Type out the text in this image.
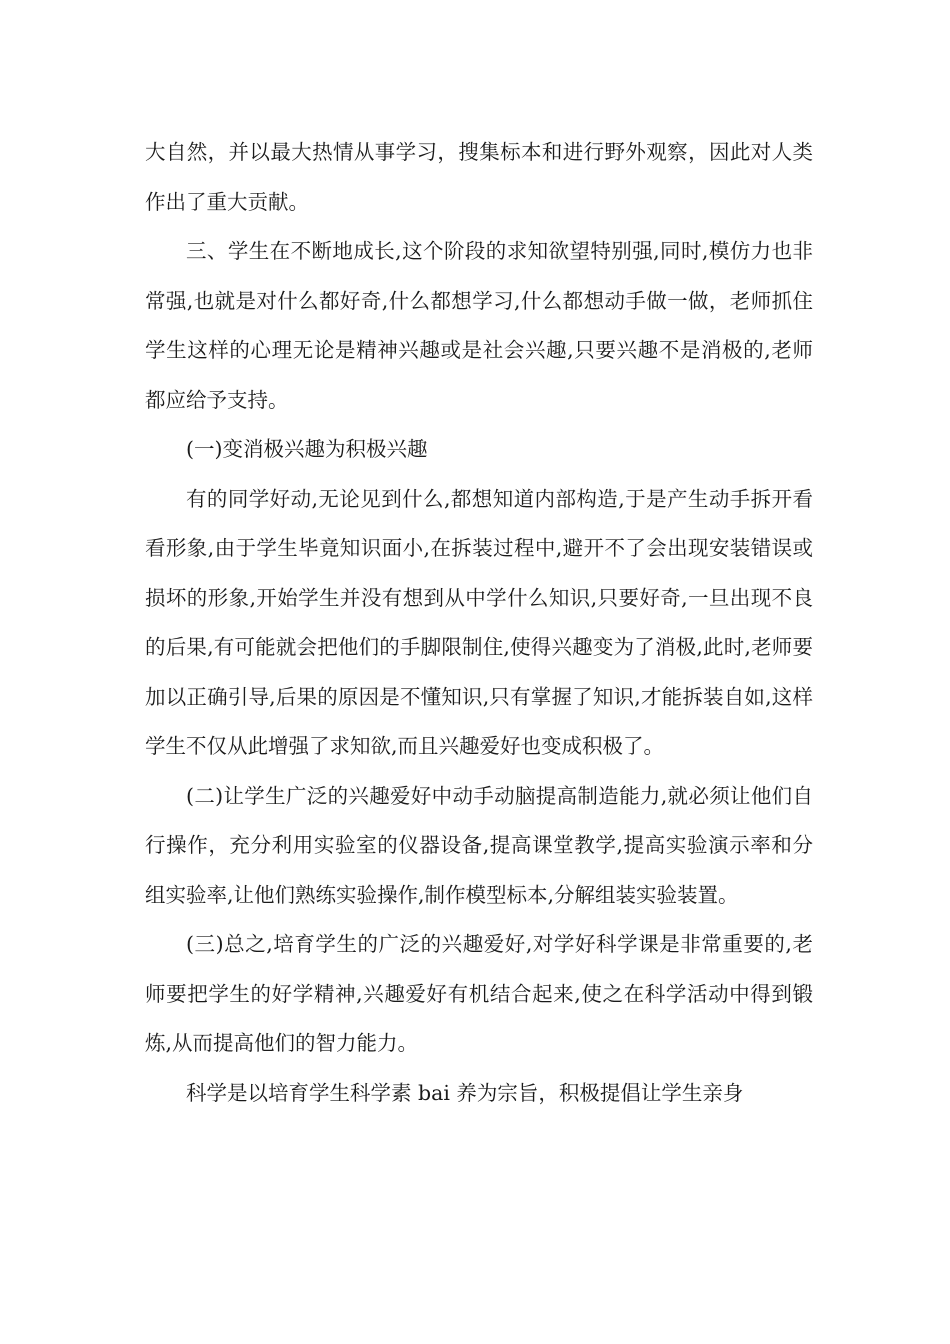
大自然，并以最大热情从事学习，搜集标本和进行野外观察，因此对人类作出了重大贡献。

三、学生在不断地成长,这个阶段的求知欲望特别强,同时,模仿力也非常强,也就是对什么都好奇,什么都想学习,什么都想动手做一做，老师抓住学生这样的心理无论是精神兴趣或是社会兴趣,只要兴趣不是消极的,老师都应给予支持。

(一)变消极兴趣为积极兴趣

有的同学好动,无论见到什么,都想知道内部构造,于是产生动手拆开看看形象,由于学生毕竟知识面小,在拆装过程中,避开不了会出现安装错误或损坏的形象,开始学生并没有想到从中学什么知识,只要好奇,一旦出现不良的后果,有可能就会把他们的手脚限制住,使得兴趣变为了消极,此时,老师要加以正确引导,后果的原因是不懂知识,只有掌握了知识,才能拆装自如,这样学生不仅从此增强了求知欲,而且兴趣爱好也变成积极了。

(二)让学生广泛的兴趣爱好中动手动脑提高制造能力,就必须让他们自行操作，充分利用实验室的仪器设备,提高课堂教学,提高实验演示率和分组实验率,让他们熟练实验操作,制作模型标本,分解组装实验装置。

(三)总之,培育学生的广泛的兴趣爱好,对学好科学课是非常重要的,老师要把学生的好学精神,兴趣爱好有机结合起来,使之在科学活动中得到锻炼,从而提高他们的智力能力。

科学是以培育学生科学素 bai 养为宗旨，积极提倡让学生亲身
